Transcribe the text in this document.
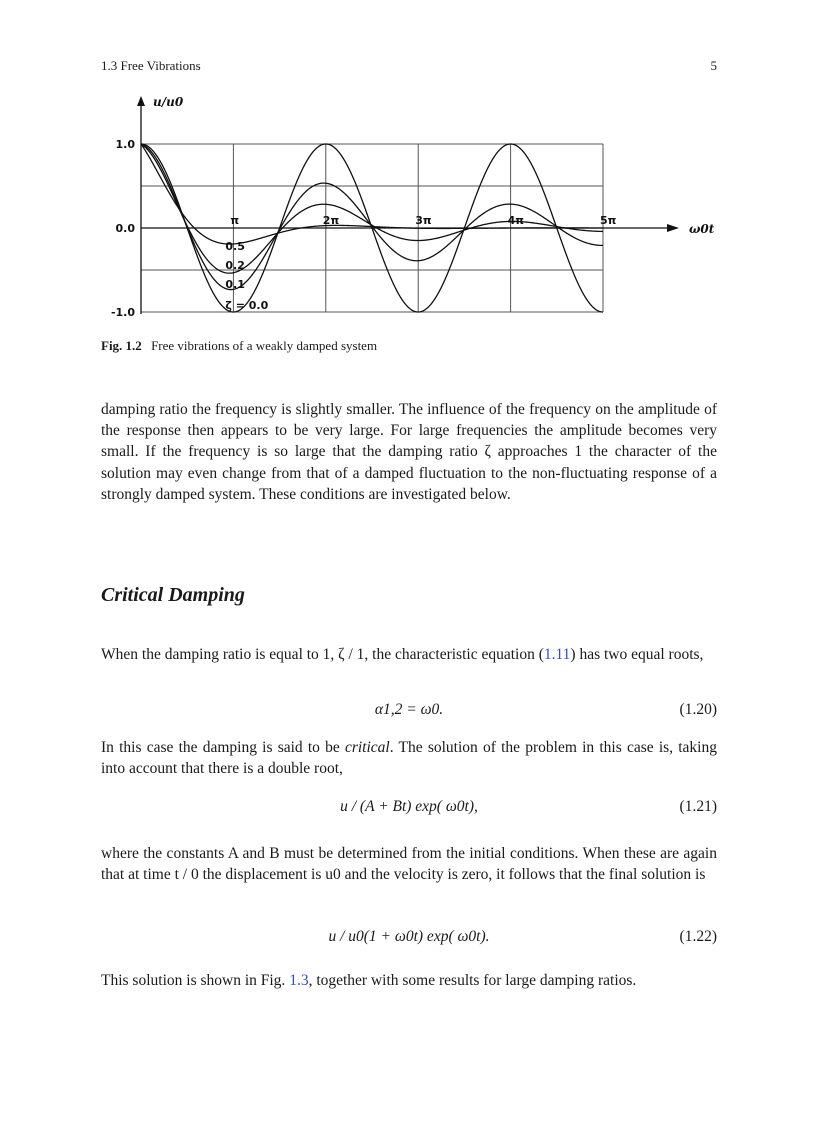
1.3 Free Vibrations	5
u/u0
ω0t
1.0
0.0
-1.0
π	2π	3π	4π	5π
0.5
0.2
0.1
ζ = 0.0
Fig. 1.2 Free vibrations of a weakly damped system

damping ratio the frequency is slightly smaller. The influence of the frequency on the amplitude of the response then appears to be very large. For large frequencies the amplitude becomes very small. If the frequency is so large that the damping ratio ζ approaches 1 the character of the solution may even change from that of a damped fluctuation to the non-fluctuating response of a strongly damped system. These conditions are investigated below.

Critical Damping

When the damping ratio is equal to 1, ζ / 1, the characteristic equation (1.11) has two equal roots,

α1,2 = ω0.	(1.20)

In this case the damping is said to be critical. The solution of the problem in this case is, taking into account that there is a double root,

u / (A + Bt) exp( ω0t),	(1.21)

where the constants A and B must be determined from the initial conditions. When these are again that at time t / 0 the displacement is u0 and the velocity is zero, it follows that the final solution is

u / u0(1 + ω0t) exp( ω0t).	(1.22)

This solution is shown in Fig. 1.3, together with some results for large damping ratios.
